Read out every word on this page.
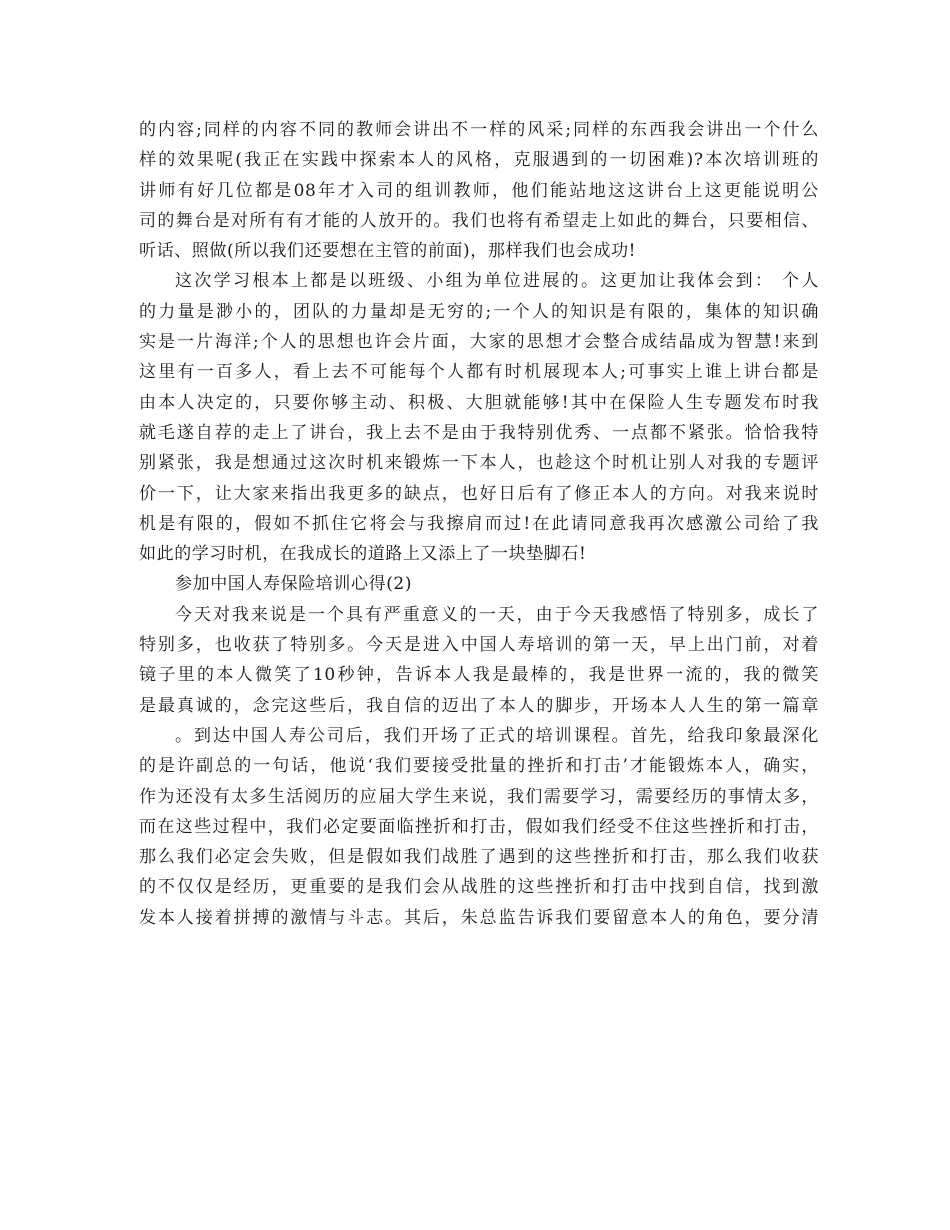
的内容;同样的内容不同的教师会讲出不一样的风采;同样的东西我会讲出一个什么
样的效果呢(我正在实践中探索本人的风格，克服遇到的一切困难)?本次培训班的
讲师有好几位都是08年才入司的组训教师，他们能站地这这讲台上这更能说明公
司的舞台是对所有有才能的人放开的。我们也将有希望走上如此的舞台，只要相信、
听话、照做(所以我们还要想在主管的前面)，那样我们也会成功!
这次学习根本上都是以班级、小组为单位进展的。这更加让我体会到： 个人
的力量是渺小的，团队的力量却是无穷的;一个人的知识是有限的，集体的知识确
实是一片海洋;个人的思想也许会片面，大家的思想才会整合成结晶成为智慧!来到
这里有一百多人，看上去不可能每个人都有时机展现本人;可事实上谁上讲台都是
由本人决定的，只要你够主动、积极、大胆就能够!其中在保险人生专题发布时我
就毛遂自荐的走上了讲台，我上去不是由于我特别优秀、一点都不紧张。恰恰我特
别紧张，我是想通过这次时机来锻炼一下本人，也趁这个时机让别人对我的专题评
价一下，让大家来指出我更多的缺点，也好日后有了修正本人的方向。对我来说时
机是有限的，假如不抓住它将会与我擦肩而过!在此请同意我再次感激公司给了我
如此的学习时机，在我成长的道路上又添上了一块垫脚石!
参加中国人寿保险培训心得(2)
今天对我来说是一个具有严重意义的一天，由于今天我感悟了特别多，成长了
特别多，也收获了特别多。今天是进入中国人寿培训的第一天，早上出门前，对着
镜子里的本人微笑了10秒钟，告诉本人我是最棒的，我是世界一流的，我的微笑
是最真诚的，念完这些后，我自信的迈出了本人的脚步，开场本人人生的第一篇章
。到达中国人寿公司后，我们开场了正式的培训课程。首先，给我印象最深化
的是许副总的一句话，他说‘我们要接受批量的挫折和打击’才能锻炼本人，确实，
作为还没有太多生活阅历的应届大学生来说，我们需要学习，需要经历的事情太多，
而在这些过程中，我们必定要面临挫折和打击，假如我们经受不住这些挫折和打击，
那么我们必定会失败，但是假如我们战胜了遇到的这些挫折和打击，那么我们收获
的不仅仅是经历，更重要的是我们会从战胜的这些挫折和打击中找到自信，找到激
发本人接着拼搏的激情与斗志。其后，朱总监告诉我们要留意本人的角色，要分清
